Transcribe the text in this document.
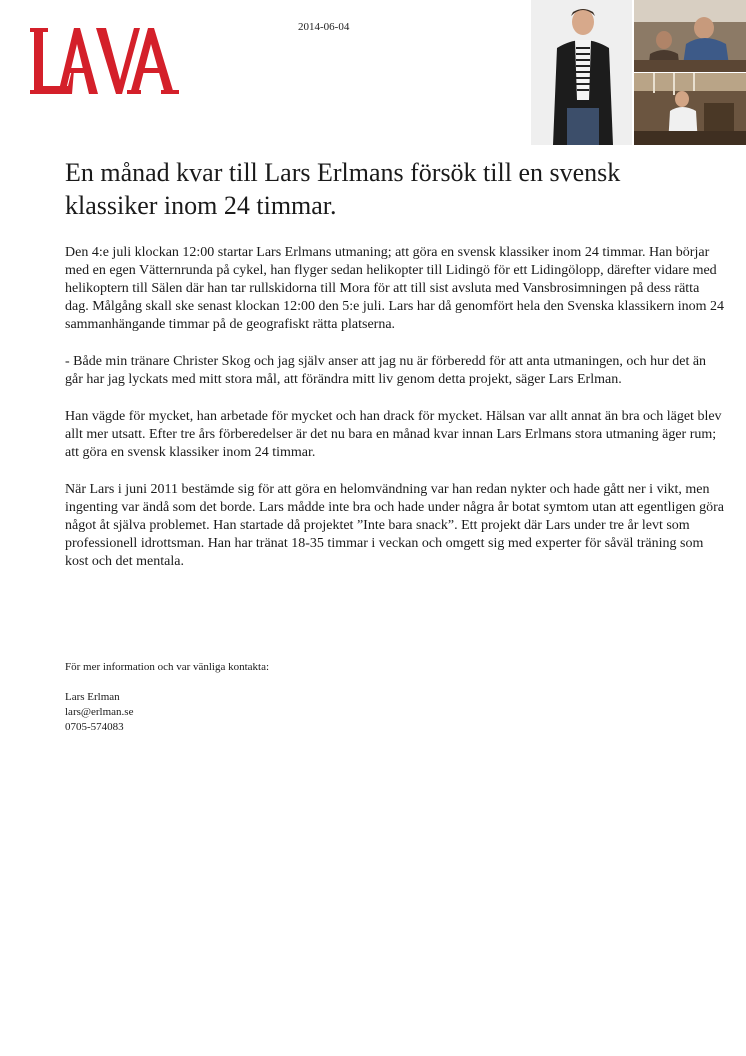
2014-06-04
En månad kvar till Lars Erlmans försök till en svensk klassiker inom 24 timmar.

Den 4:e juli klockan 12:00 startar Lars Erlmans utmaning; att göra en svensk klassiker inom 24 timmar. Han börjar med en egen Vätternrunda på cykel, han flyger sedan helikopter till Lidingö för ett Lidingölopp, därefter vidare med helikoptern till Sälen där han tar rullskidorna till Mora för att till sist avsluta med Vansbrosimningen på dess rätta dag. Målgång skall ske senast klockan 12:00 den 5:e juli. Lars har då genomfört hela den Svenska klassikern inom 24 sammanhängande timmar på de geografiskt rätta platserna.

- Både min tränare Christer Skog och jag själv anser att jag nu är förberedd för att anta utmaningen, och hur det än går har jag lyckats med mitt stora mål, att förändra mitt liv genom detta projekt, säger Lars Erlman.

Han vägde för mycket, han arbetade för mycket och han drack för mycket. Hälsan var allt annat än bra och läget blev allt mer utsatt. Efter tre års förberedelser är det nu bara en månad kvar innan Lars Erlmans stora utmaning äger rum; att göra en svensk klassiker inom 24 timmar.

När Lars i juni 2011 bestämde sig för att göra en helomvändning var han redan nykter och hade gått ner i vikt, men ingenting var ändå som det borde. Lars mådde inte bra och hade under några år botat symtom utan att egentligen göra något åt själva problemet. Han startade då projektet ”Inte bara snack”. Ett projekt där Lars under tre år levt som professionell idrottsman. Han har tränat 18-35 timmar i veckan och omgett sig med experter för såväl träning som kost och det mentala.

För mer information och var vänliga kontakta:

Lars Erlman

lars@erlman.se

0705-574083
